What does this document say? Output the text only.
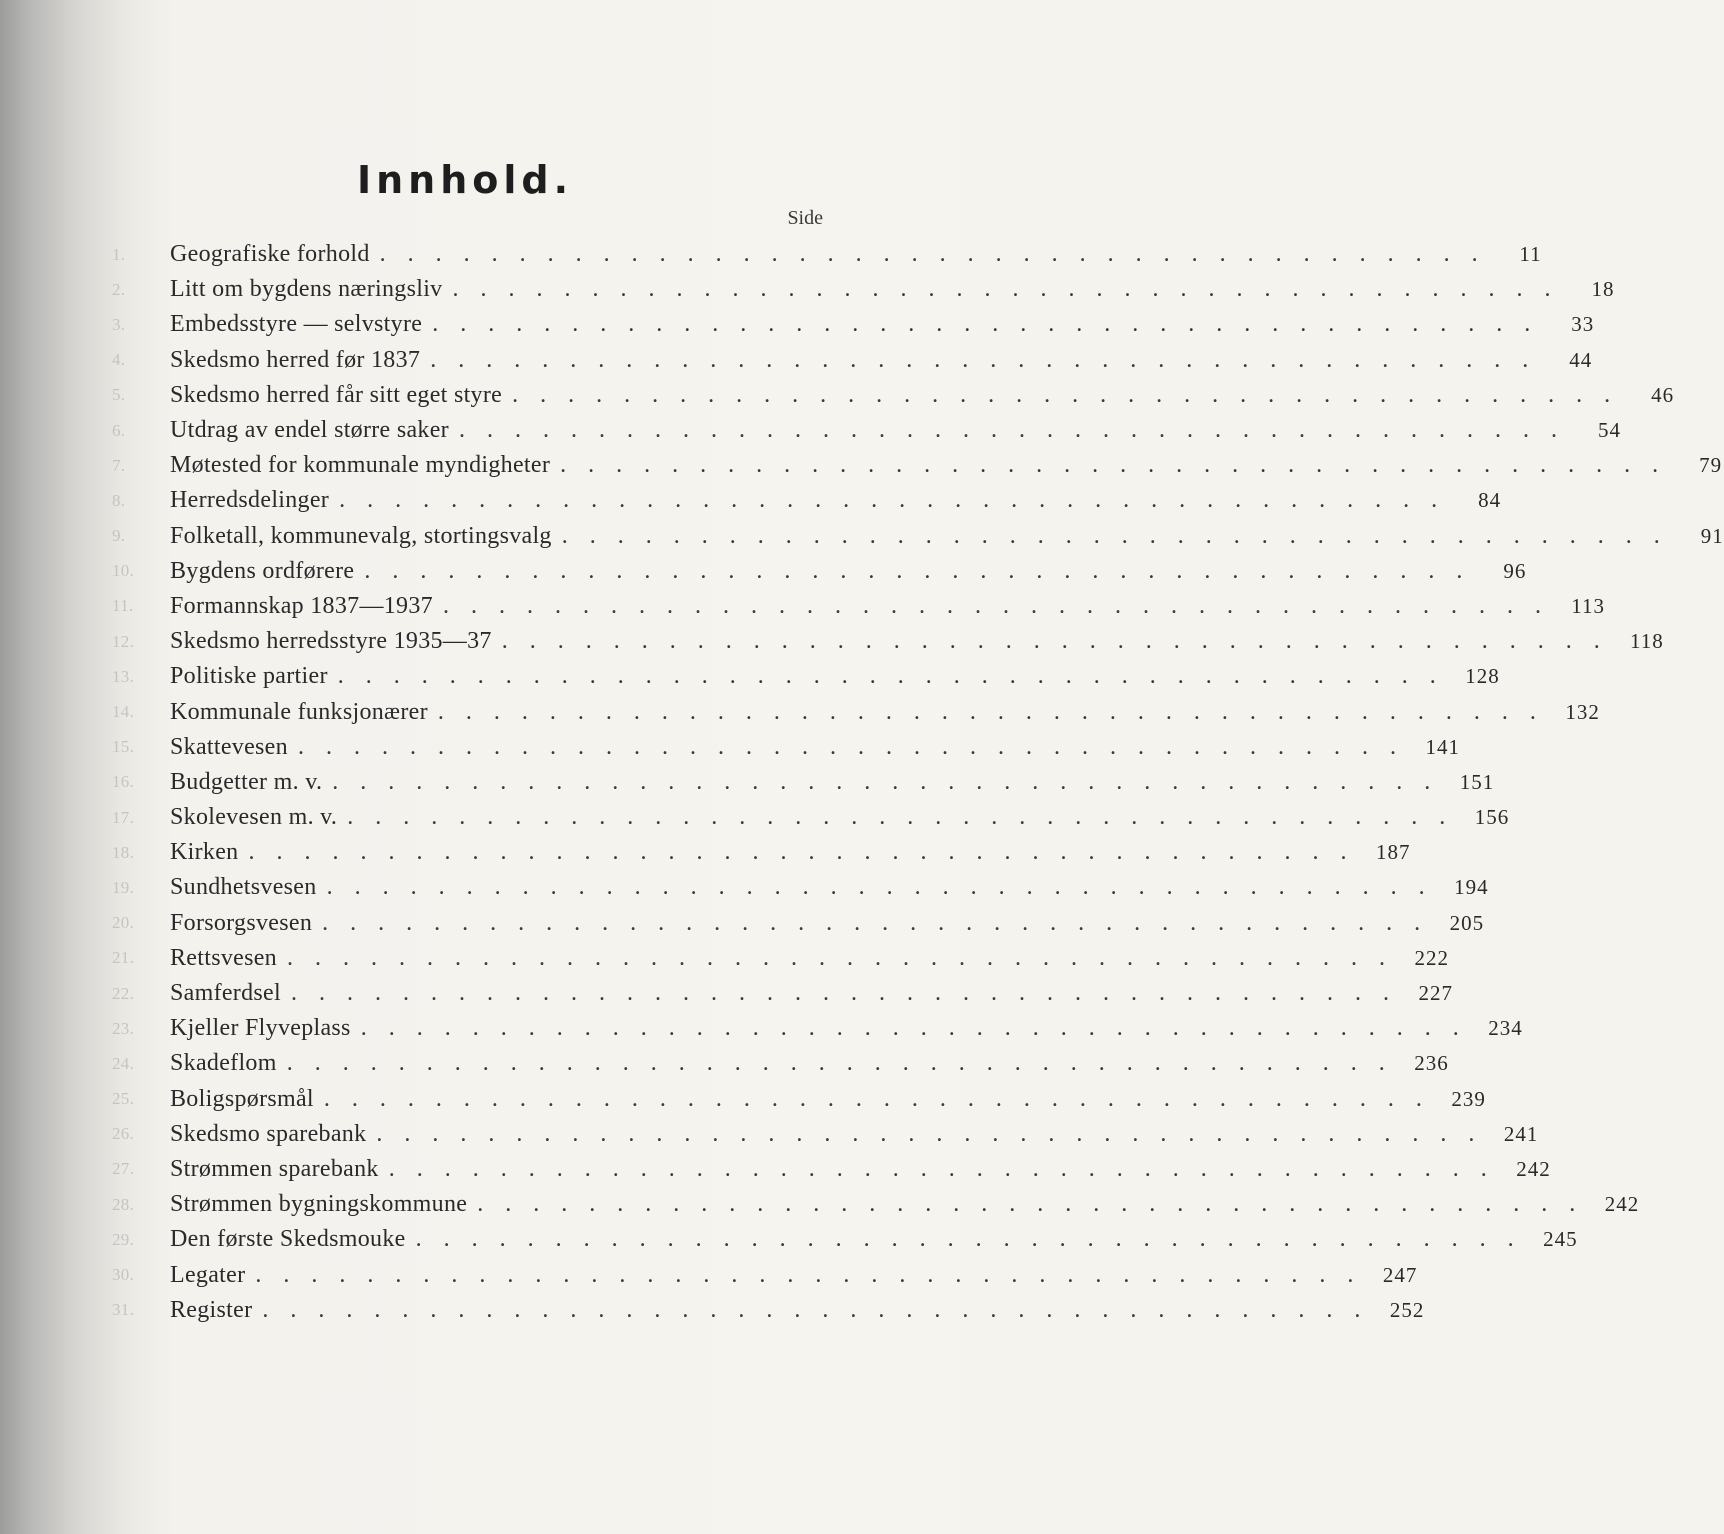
Innhold.
Side
1.	Geografiske forhold . . . . . . . . . . . . . . . . . . . . . . . . . . . . . . . . . . . . . . . .	11
2.	Litt om bygdens næringsliv . . . . . . . . . . . . . . . . . . . . . . . . . . . . . . . . . . . . . . . .	18
3.	Embedsstyre — selvstyre . . . . . . . . . . . . . . . . . . . . . . . . . . . . . . . . . . . . . . . .	33
4.	Skedsmo herred før 1837 . . . . . . . . . . . . . . . . . . . . . . . . . . . . . . . . . . . . . . . .	44
5.	Skedsmo herred får sitt eget styre . . . . . . . . . . . . . . . . . . . . . . . . . . . . . . . . . . . . . . . .	46
6.	Utdrag av endel større saker . . . . . . . . . . . . . . . . . . . . . . . . . . . . . . . . . . . . . . . .	54
7.	Møtested for kommunale myndigheter . . . . . . . . . . . . . . . . . . . . . . . . . . . . . . . . . . . . . . . .	79
8.	Herredsdelinger . . . . . . . . . . . . . . . . . . . . . . . . . . . . . . . . . . . . . . . .	84
9.	Folketall, kommunevalg, stortingsvalg . . . . . . . . . . . . . . . . . . . . . . . . . . . . . . . . . . . . . . . .	91
10.	Bygdens ordførere . . . . . . . . . . . . . . . . . . . . . . . . . . . . . . . . . . . . . . . .	96
11.	Formannskap 1837—1937 . . . . . . . . . . . . . . . . . . . . . . . . . . . . . . . . . . . . . . . .	113
12.	Skedsmo herredsstyre 1935—37 . . . . . . . . . . . . . . . . . . . . . . . . . . . . . . . . . . . . . . . .	118
13.	Politiske partier . . . . . . . . . . . . . . . . . . . . . . . . . . . . . . . . . . . . . . . .	128
14.	Kommunale funksjonærer . . . . . . . . . . . . . . . . . . . . . . . . . . . . . . . . . . . . . . . .	132
15.	Skattevesen . . . . . . . . . . . . . . . . . . . . . . . . . . . . . . . . . . . . . . . .	141
16.	Budgetter m. v. . . . . . . . . . . . . . . . . . . . . . . . . . . . . . . . . . . . . . . . .	151
17.	Skolevesen m. v. . . . . . . . . . . . . . . . . . . . . . . . . . . . . . . . . . . . . . . . .	156
18.	Kirken . . . . . . . . . . . . . . . . . . . . . . . . . . . . . . . . . . . . . . . .	187
19.	Sundhetsvesen . . . . . . . . . . . . . . . . . . . . . . . . . . . . . . . . . . . . . . . .	194
20.	Forsorgsvesen . . . . . . . . . . . . . . . . . . . . . . . . . . . . . . . . . . . . . . . .	205
21.	Rettsvesen . . . . . . . . . . . . . . . . . . . . . . . . . . . . . . . . . . . . . . . .	222
22.	Samferdsel . . . . . . . . . . . . . . . . . . . . . . . . . . . . . . . . . . . . . . . .	227
23.	Kjeller Flyveplass . . . . . . . . . . . . . . . . . . . . . . . . . . . . . . . . . . . . . . . .	234
24.	Skadeflom . . . . . . . . . . . . . . . . . . . . . . . . . . . . . . . . . . . . . . . .	236
25.	Boligspørsmål . . . . . . . . . . . . . . . . . . . . . . . . . . . . . . . . . . . . . . . .	239
26.	Skedsmo sparebank . . . . . . . . . . . . . . . . . . . . . . . . . . . . . . . . . . . . . . . .	241
27.	Strømmen sparebank . . . . . . . . . . . . . . . . . . . . . . . . . . . . . . . . . . . . . . . .	242
28.	Strømmen bygningskommune . . . . . . . . . . . . . . . . . . . . . . . . . . . . . . . . . . . . . . . .	242
29.	Den første Skedsmouke . . . . . . . . . . . . . . . . . . . . . . . . . . . . . . . . . . . . . . . .	245
30.	Legater . . . . . . . . . . . . . . . . . . . . . . . . . . . . . . . . . . . . . . . .	247
31.	Register . . . . . . . . . . . . . . . . . . . . . . . . . . . . . . . . . . . . . . . .	252
